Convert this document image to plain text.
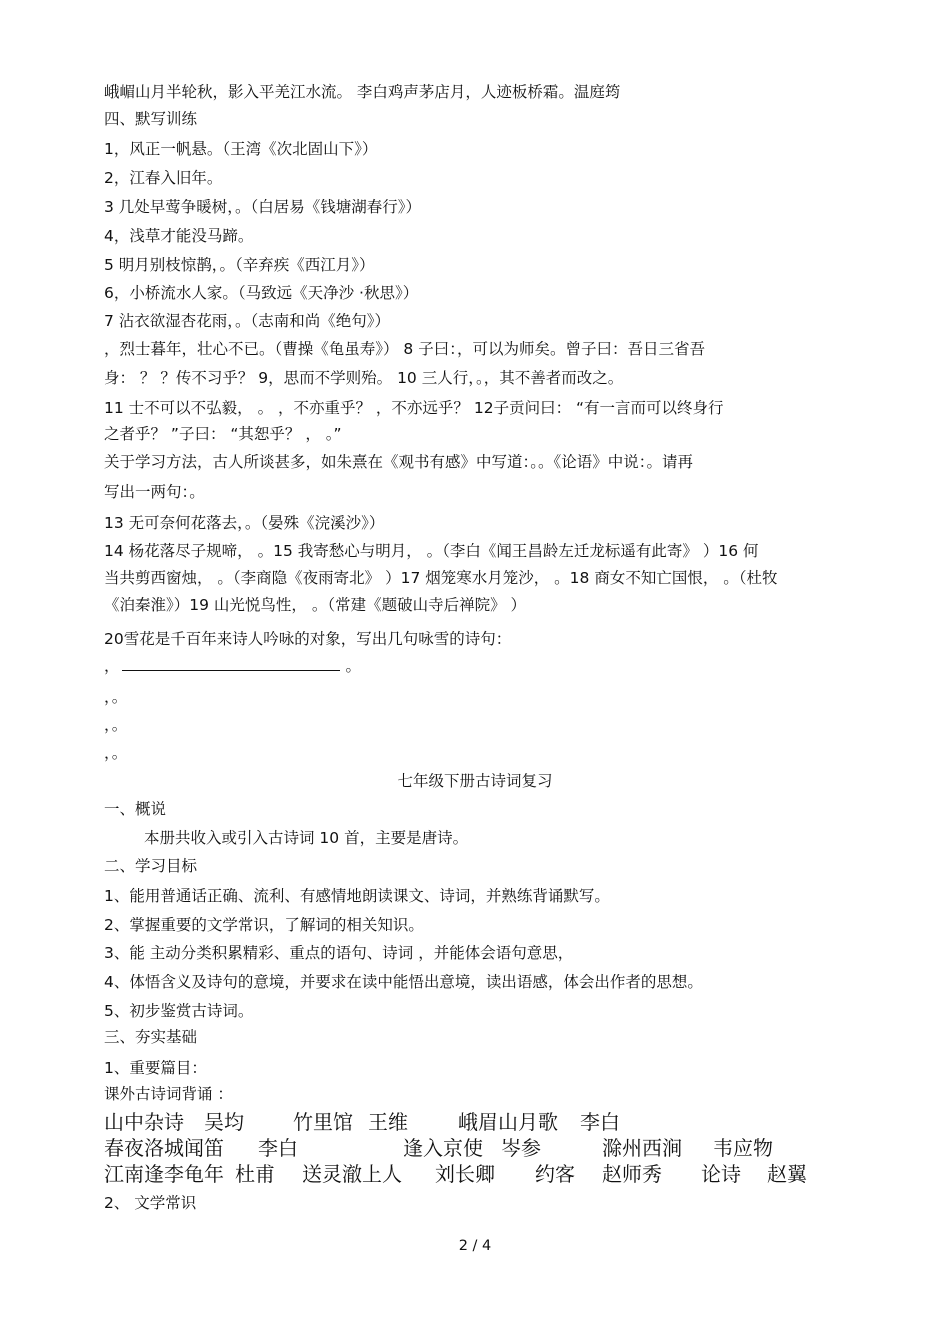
峨嵋山月半轮秋，影入平羌江水流。 李白鸡声茅店月，人迹板桥霜。温庭筠
四、默写训练
1，风正一帆悬。（王湾《次北固山下》）
2，江春入旧年。
3 几处早莺争暖树，。（白居易《钱塘湖春行》）
4，浅草才能没马蹄。
5 明月别枝惊鹊，。（辛弃疾《西江月》）
6，小桥流水人家。（马致远《天净沙 ·秋思》）
7 沾衣欲湿杏花雨，。（志南和尚《绝句》）
，烈士暮年，壮心不已。（曹操《龟虽寿》） 8 子曰：，可以为师矣。曾子曰：吾日三省吾
身： ？ ？传不习乎？ 9，思而不学则殆。 10 三人行，。，其不善者而改之。
11 士不可以不弘毅， 。 ，不亦重乎？ ，不亦远乎？ 12子贡问曰： “有一言而可以终身行
之者乎？ ”子曰： “其恕乎？ ， 。”
关于学习方法，古人所谈甚多，如朱熹在《观书有感》中写道：。。《论语》中说：。请再
写出一两句：。
13 无可奈何花落去，。（晏殊《浣溪沙》）
14 杨花落尽子规啼， 。15 我寄愁心与明月， 。（李白《闻王昌龄左迁龙标遥有此寄》 ）16 何
当共剪西窗烛， 。（李商隐《夜雨寄北》 ）17 烟笼寒水月笼沙， 。18 商女不知亡国恨， 。（杜牧
《泊秦淮》）19 山光悦鸟性， 。（常建《题破山寺后禅院》 ）
20雪花是千百年来诗人吟咏的对象，写出几句咏雪的诗句：
，	。
，。
，。
，。
七年级下册古诗词复习
一、概说
本册共收入或引入古诗词 10 首，主要是唐诗。
二、学习目标
1、能用普通话正确、流利、有感情地朗读课文、诗词，并熟练背诵默写。
2、掌握重要的文学常识，了解词的相关知识。
3、能 主动分类积累精彩、重点的语句、诗词 ，并能体会语句意思，
4、体悟含义及诗句的意境，并要求在读中能悟出意境，读出语感，体会出作者的思想。
5、初步鉴赏古诗词。
三、夯实基础
1、重要篇目：
课外古诗词背诵 ：
山中杂诗 吴均 竹里馆 王维	峨眉山月歌 李白
春夜洛城闻笛 李白	逢入京使 岑参	滁州西涧 韦应物
江南逢李龟年 杜甫 送灵澈上人 刘长卿 约客 赵师秀 论诗 赵翼
2、 文学常识
2 / 4
